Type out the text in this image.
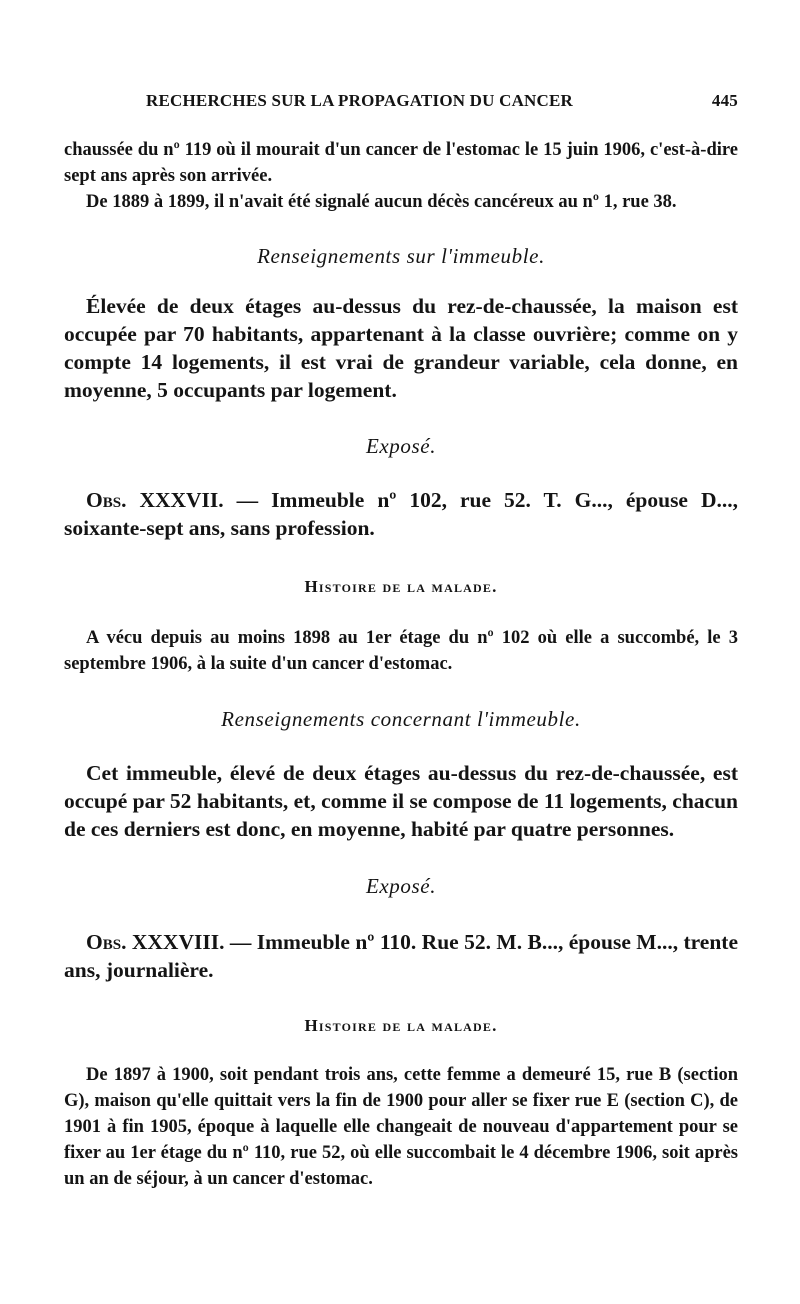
RECHERCHES SUR LA PROPAGATION DU CANCER	445

chaussée du nº 119 où il mourait d'un cancer de l'estomac le 15 juin 1906, c'est-à-dire sept ans après son arrivée.

De 1889 à 1899, il n'avait été signalé aucun décès cancéreux au nº 1, rue 38.

Renseignements sur l'immeuble.

Élevée de deux étages au-dessus du rez-de-chaussée, la maison est occupée par 70 habitants, appartenant à la classe ouvrière; comme on y compte 14 logements, il est vrai de grandeur variable, cela donne, en moyenne, 5 occupants par logement.

Exposé.

Obs. XXXVII. — Immeuble nº 102, rue 52. T. G..., épouse D..., soixante-sept ans, sans profession.

Histoire de la malade.

A vécu depuis au moins 1898 au 1er étage du nº 102 où elle a succombé, le 3 septembre 1906, à la suite d'un cancer d'estomac.

Renseignements concernant l'immeuble.

Cet immeuble, élevé de deux étages au-dessus du rez-de-chaussée, est occupé par 52 habitants, et, comme il se compose de 11 logements, chacun de ces derniers est donc, en moyenne, habité par quatre personnes.

Exposé.

Obs. XXXVIII. — Immeuble nº 110. Rue 52. M. B..., épouse M..., trente ans, journalière.

Histoire de la malade.

De 1897 à 1900, soit pendant trois ans, cette femme a demeuré 15, rue B (section G), maison qu'elle quittait vers la fin de 1900 pour aller se fixer rue E (section C), de 1901 à fin 1905, époque à laquelle elle changeait de nouveau d'appartement pour se fixer au 1er étage du nº 110, rue 52, où elle succombait le 4 décembre 1906, soit après un an de séjour, à un cancer d'estomac.
